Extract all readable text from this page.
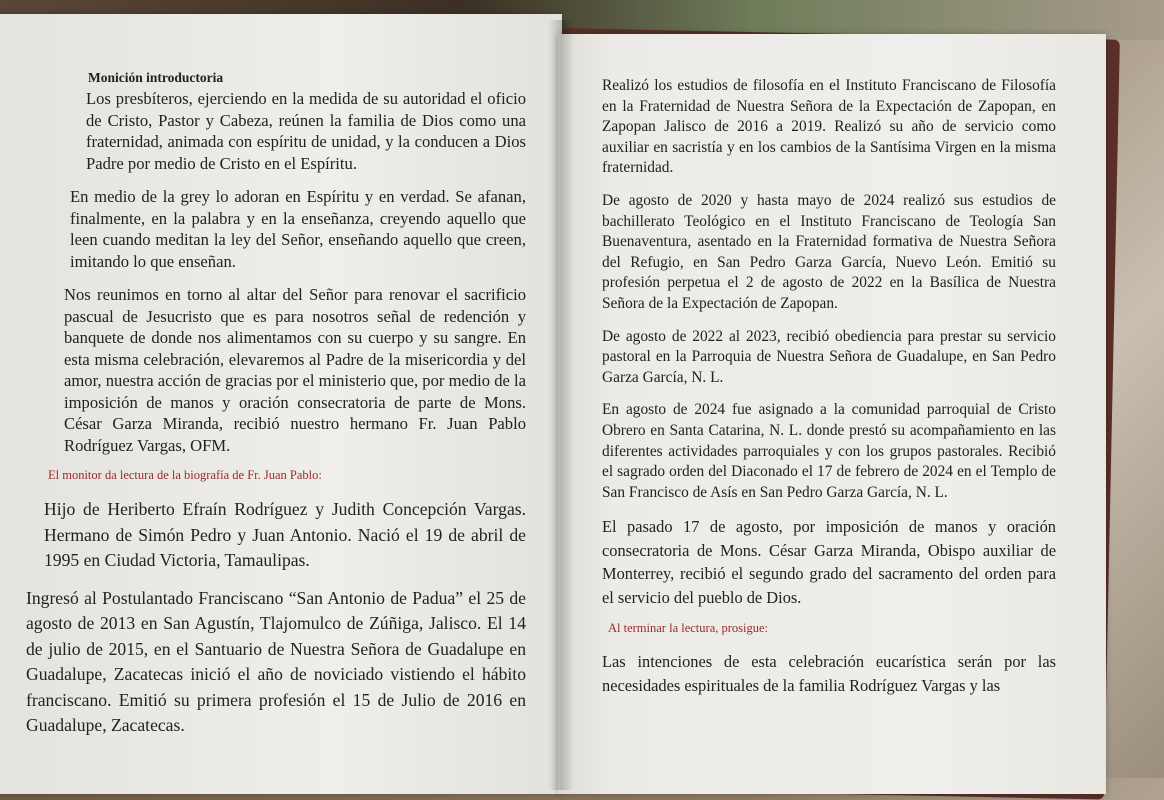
Monición introductoria

Los presbíteros, ejerciendo en la medida de su autoridad el oficio de Cristo, Pastor y Cabeza, reúnen la familia de Dios como una fraternidad, animada con espíritu de unidad, y la conducen a Dios Padre por medio de Cristo en el Espíritu.

En medio de la grey lo adoran en Espíritu y en verdad. Se afanan, finalmente, en la palabra y en la enseñanza, creyendo aquello que leen cuando meditan la ley del Señor, enseñando aquello que creen, imitando lo que enseñan.

Nos reunimos en torno al altar del Señor para renovar el sacrificio pascual de Jesucristo que es para nosotros señal de redención y banquete de donde nos alimentamos con su cuerpo y su sangre. En esta misma celebración, elevaremos al Padre de la misericordia y del amor, nuestra acción de gracias por el ministerio que, por medio de la imposición de manos y oración consecratoria de parte de Mons. César Garza Miranda, recibió nuestro hermano Fr. Juan Pablo Rodríguez Vargas, OFM.

El monitor da lectura de la biografía de Fr. Juan Pablo:

Hijo de Heriberto Efraín Rodríguez y Judith Concepción Vargas. Hermano de Simón Pedro y Juan Antonio. Nació el 19 de abril de 1995 en Ciudad Victoria, Tamaulipas.

Ingresó al Postulantado Franciscano “San Antonio de Padua” el 25 de agosto de 2013 en San Agustín, Tlajomulco de Zúñiga, Jalisco. El 14 de julio de 2015, en el Santuario de Nuestra Señora de Guadalupe en Guadalupe, Zacatecas inició el año de noviciado vistiendo el hábito franciscano. Emitió su primera profesión el 15 de Julio de 2016 en Guadalupe, Zacatecas.

Realizó los estudios de filosofía en el Instituto Franciscano de Filosofía en la Fraternidad de Nuestra Señora de la Expectación de Zapopan, en Zapopan Jalisco de 2016 a 2019. Realizó su año de servicio como auxiliar en sacristía y en los cambios de la Santísima Virgen en la misma fraternidad.

De agosto de 2020 y hasta mayo de 2024 realizó sus estudios de bachillerato Teológico en el Instituto Franciscano de Teología San Buenaventura, asentado en la Fraternidad formativa de Nuestra Señora del Refugio, en San Pedro Garza García, Nuevo León. Emitió su profesión perpetua el 2 de agosto de 2022 en la Basílica de Nuestra Señora de la Expectación de Zapopan.

De agosto de 2022 al 2023, recibió obediencia para prestar su servicio pastoral en la Parroquia de Nuestra Señora de Guadalupe, en San Pedro Garza García, N. L.

En agosto de 2024 fue asignado a la comunidad parroquial de Cristo Obrero en Santa Catarina, N. L. donde prestó su acompañamiento en las diferentes actividades parroquiales y con los grupos pastorales. Recibió el sagrado orden del Diaconado el 17 de febrero de 2024 en el Templo de San Francisco de Asís en San Pedro Garza García, N. L.

El pasado 17 de agosto, por imposición de manos y oración consecratoria de Mons. César Garza Miranda, Obispo auxiliar de Monterrey, recibió el segundo grado del sacramento del orden para el servicio del pueblo de Dios.

Al terminar la lectura, prosigue:

Las intenciones de esta celebración eucarística serán por las necesidades espirituales de la familia Rodríguez Vargas y las
